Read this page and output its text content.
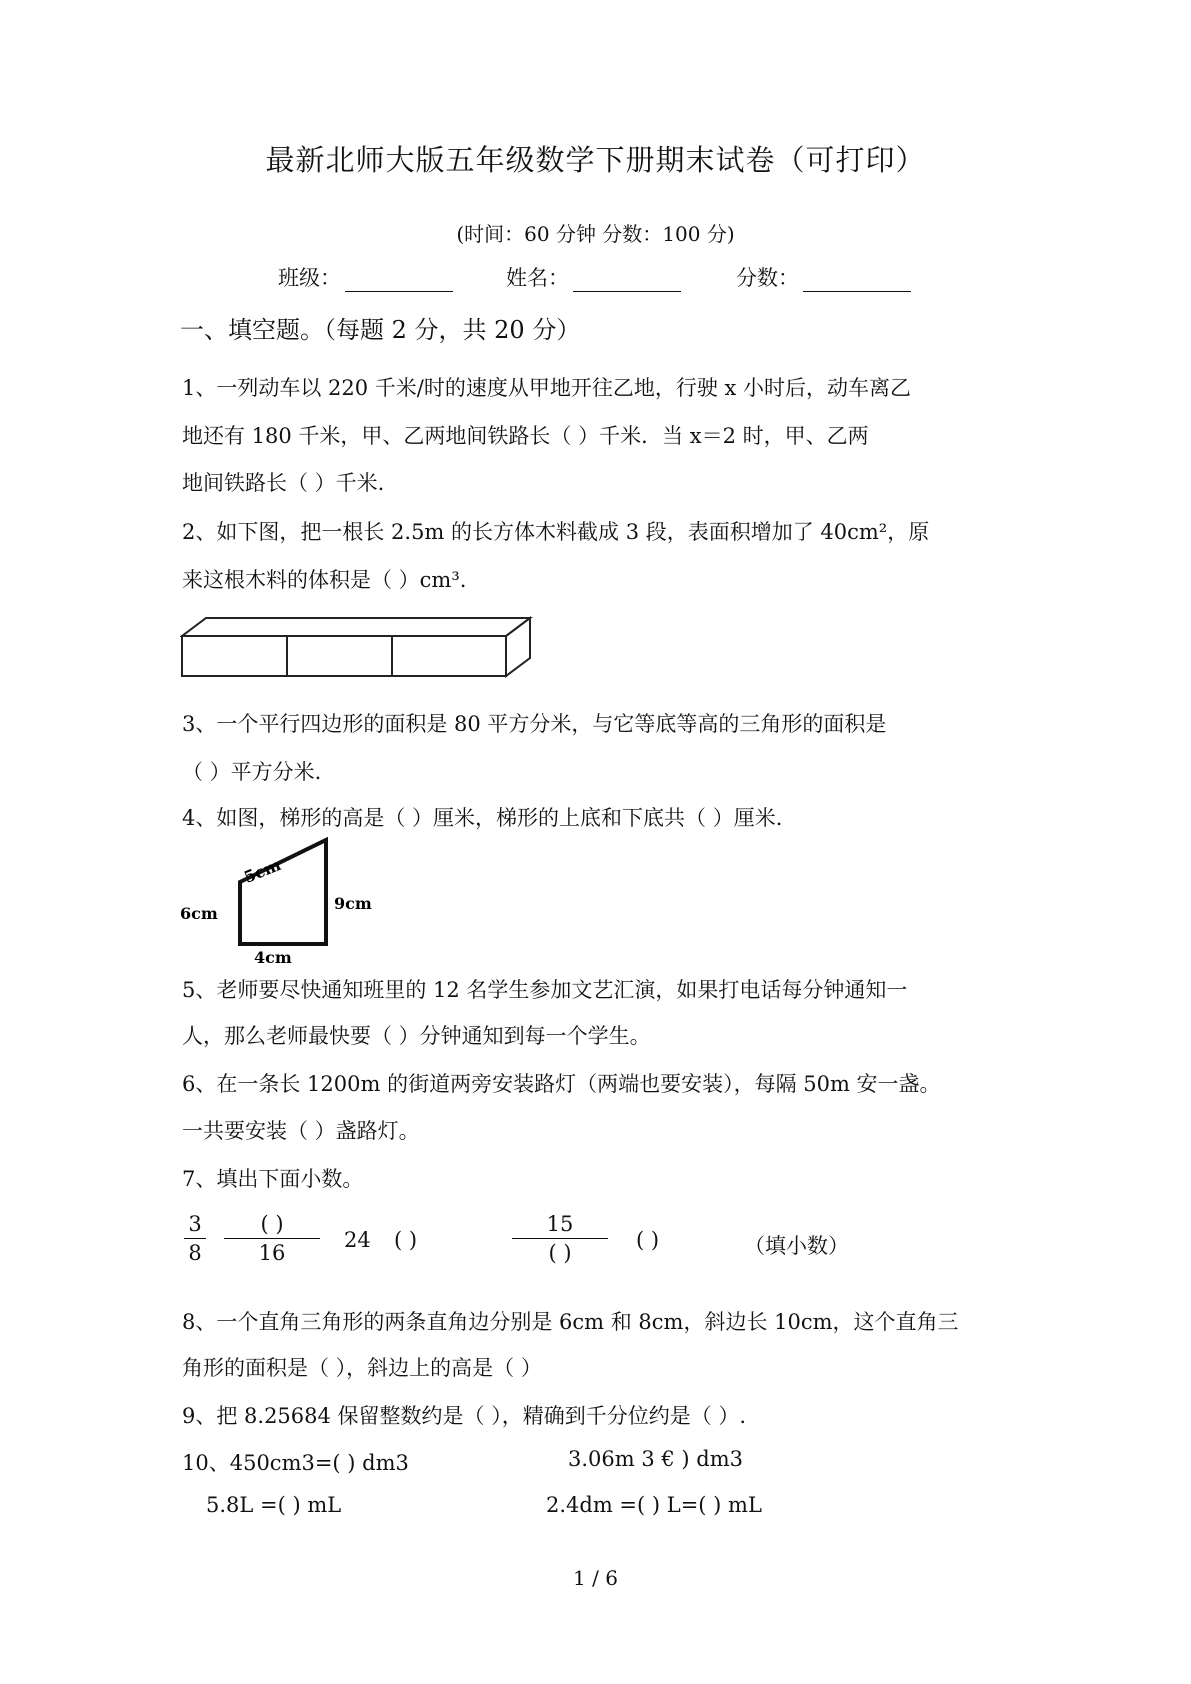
最新北师大版五年级数学下册期末试卷（可打印）
(时间：60 分钟 分数：100 分)
班级：	姓名：	分数：
一、填空题。（每题 2 分，共 20 分）
1、一列动车以 220 千米/时的速度从甲地开往乙地，行驶 x 小时后，动车离乙
地还有 180 千米，甲、乙两地间铁路长（ ）千米．当 x＝2 时，甲、乙两
地间铁路长（ ）千米.
2、如下图，把一根长 2.5m 的长方体木料截成 3 段，表面积增加了 40cm²，原
来这根木料的体积是（ ）cm³.
3、一个平行四边形的面积是 80 平方分米，与它等底等高的三角形的面积是
（ ）平方分米.
4、如图，梯形的高是（ ）厘米，梯形的上底和下底共（ ）厘米.
5cm
6cm
9cm
4cm
5、老师要尽快通知班里的 12 名学生参加文艺汇演，如果打电话每分钟通知一
人，那么老师最快要（ ）分钟通知到每一个学生。
6、在一条长 1200m 的街道两旁安装路灯（两端也要安装），每隔 50m 安一盏。
一共要安装（ ）盏路灯。
7、填出下面小数。
3
8
( )
16
24 ( )
15
( )
( )	（填小数）
8、一个直角三角形的两条直角边分别是 6cm 和 8cm，斜边长 10cm，这个直角三
角形的面积是（ ），斜边上的高是（ ）
9、把 8.25684 保留整数约是（ ），精确到千分位约是（ ）.
10、450cm3=( ) dm3	3.06m 3 € ) dm3
5.8L =( ) mL	2.4dm =( ) L=( ) mL
1 / 6
